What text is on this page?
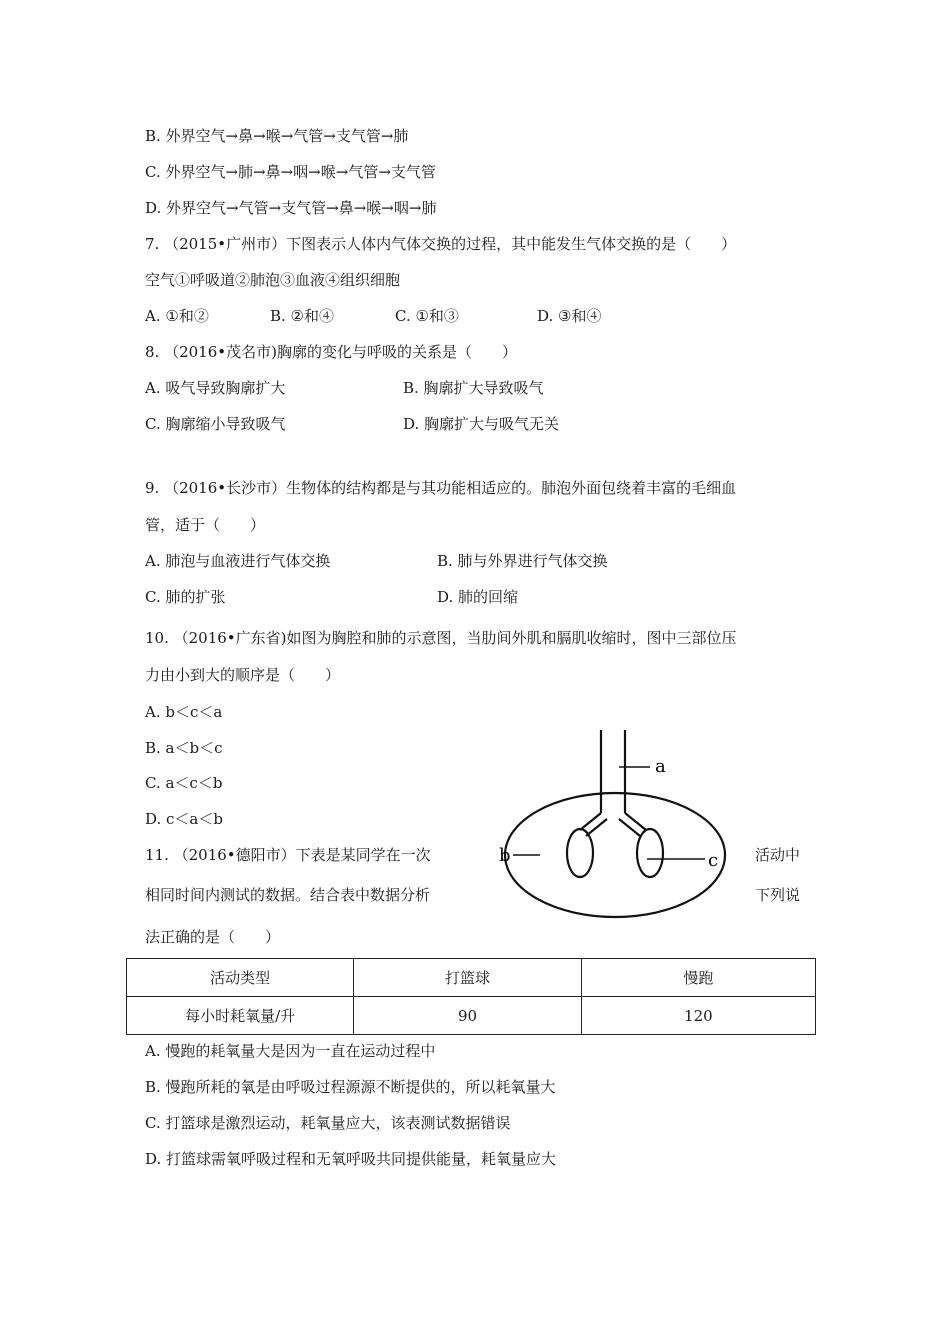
B. 外界空气→鼻→喉→气管→支气管→肺
C. 外界空气→肺→鼻→咽→喉→气管→支气管
D. 外界空气→气管→支气管→鼻→喉→咽→肺
7. （2015•广州市）下图表示人体内气体交换的过程，其中能发生气体交换的是（　　）
空气①呼吸道②肺泡③血液④组织细胞
A. ①和②	B. ②和④	C. ①和③	D. ③和④
8. （2016•茂名市)胸廓的变化与呼吸的关系是（　　）
A. 吸气导致胸廓扩大	B. 胸廓扩大导致吸气
C. 胸廓缩小导致吸气	D. 胸廓扩大与吸气无关
9. （2016•长沙市）生物体的结构都是与其功能相适应的。肺泡外面包绕着丰富的毛细血
管，适于（　　）
A. 肺泡与血液进行气体交换	B. 肺与外界进行气体交换
C. 肺的扩张	D. 肺的回缩
10. （2016•广东省)如图为胸腔和肺的示意图，当肋间外肌和膈肌收缩时，图中三部位压
力由小到大的顺序是（　　）
A. b＜c＜a
B. a＜b＜c
C. a＜c＜b
D. c＜a＜b
a
b	c
11. （2016•德阳市）下表是某同学在一次	活动中
相同时间内测试的数据。结合表中数据分析	下列说
法正确的是（　　）
活动类型	打篮球	慢跑
每小时耗氧量/升	90	120
A. 慢跑的耗氧量大是因为一直在运动过程中
B. 慢跑所耗的氧是由呼吸过程源源不断提供的，所以耗氧量大
C. 打篮球是激烈运动，耗氧量应大，该表测试数据错误
D. 打篮球需氧呼吸过程和无氧呼吸共同提供能量，耗氧量应大
